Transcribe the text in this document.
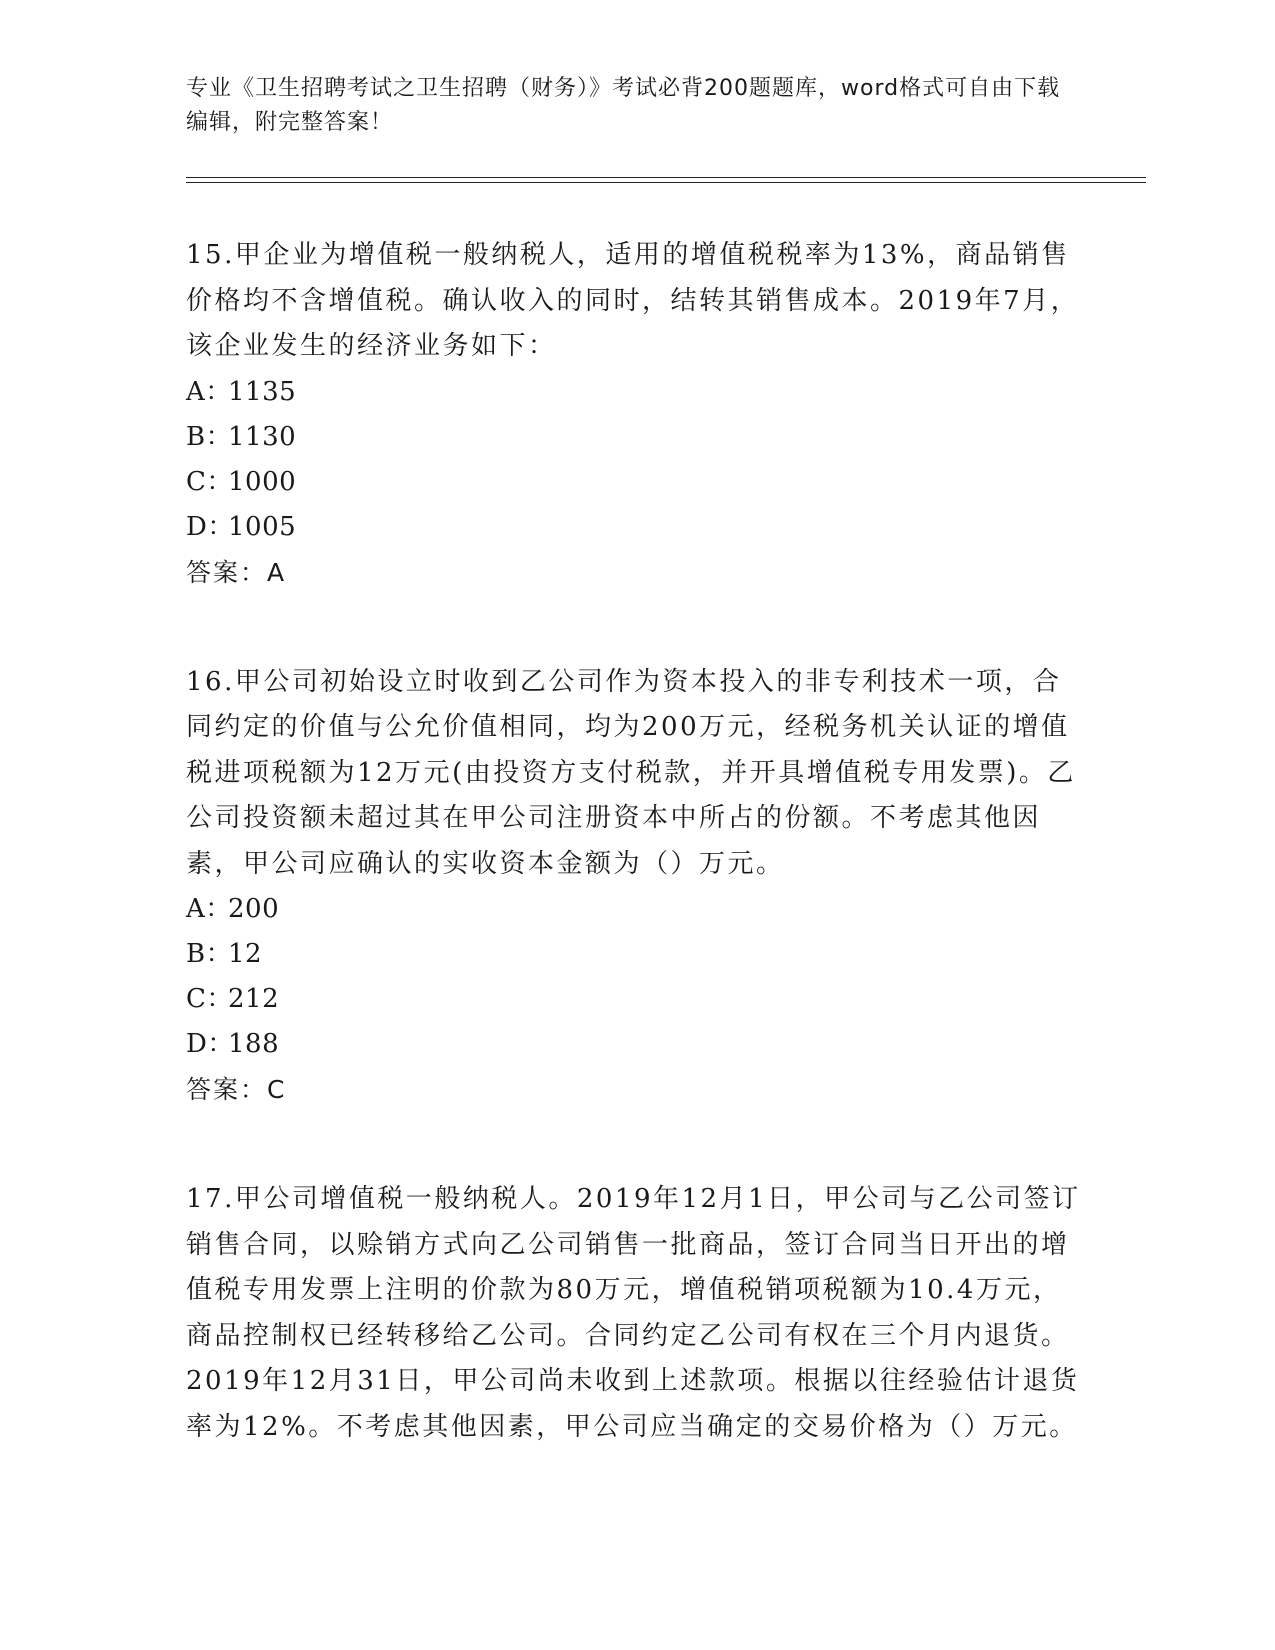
专业《卫生招聘考试之卫生招聘（财务）》考试必背200题题库，word格式可自由下载编辑，附完整答案！

15.甲企业为增值税一般纳税人，适用的增值税税率为13%，商品销售价格均不含增值税。确认收入的同时，结转其销售成本。2019年7月，该企业发生的经济业务如下：

A：1135

B：1130

C：1000

D：1005

答案：A

16.甲公司初始设立时收到乙公司作为资本投入的非专利技术一项，合同约定的价值与公允价值相同，均为200万元，经税务机关认证的增值税进项税额为12万元(由投资方支付税款，并开具增值税专用发票)。乙公司投资额未超过其在甲公司注册资本中所占的份额。不考虑其他因素，甲公司应确认的实收资本金额为（）万元。

A：200

B：12

C：212

D：188

答案：C

17.甲公司增值税一般纳税人。2019年12月1日，甲公司与乙公司签订销售合同，以赊销方式向乙公司销售一批商品，签订合同当日开出的增值税专用发票上注明的价款为80万元，增值税销项税额为10.4万元，商品控制权已经转移给乙公司。合同约定乙公司有权在三个月内退货。2019年12月31日，甲公司尚未收到上述款项。根据以往经验估计退货率为12%。不考虑其他因素，甲公司应当确定的交易价格为（）万元。
